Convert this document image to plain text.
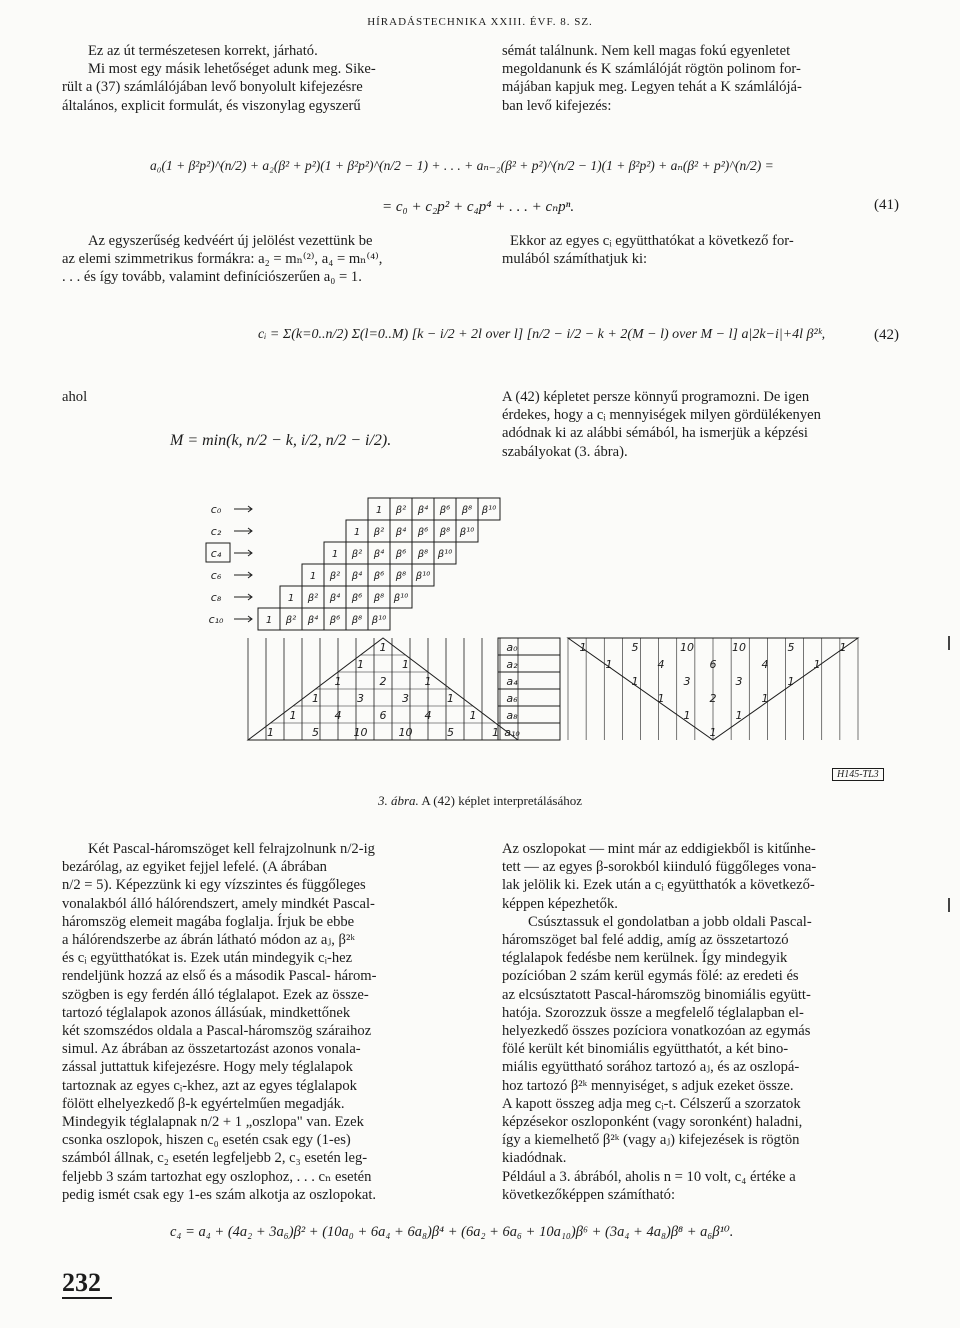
HÍRADÁSTECHNIKA XXIII. ÉVF. 8. SZ.

Ez az út természetesen korrekt, járható.

Mi most egy másik lehetőséget adunk meg. Sike-

rült a (37) számlálójában levő bonyolult kifejezésre

általános, explicit formulát, és viszonylag egyszerű

sémát találnunk. Nem kell magas fokú egyenletet

megoldanunk és K számlálóját rögtön polinom for-

májában kapjuk meg. Legyen tehát a K számlálójá-

ban levő kifejezés:

a₀(1 + β²p²)^(n/2) + a₂(β² + p²)(1 + β²p²)^(n/2 − 1) + . . . + aₙ₋₂(β² + p²)^(n/2 − 1)(1 + β²p²) + aₙ(β² + p²)^(n/2) =
= c₀ + c₂p² + c₄p⁴ + . . . + cₙpⁿ.	(41)

Az egyszerűség kedvéért új jelölést vezettünk be

az elemi szimmetrikus formákra: a₂ = mₙ⁽²⁾, a₄ = mₙ⁽⁴⁾,

. . . és így tovább, valamint definíciószerűen a₀ = 1.

Ekkor az egyes cᵢ együtthatókat a következő for-

mulából számíthatjuk ki:

cᵢ = Σ(k=0..n/2) Σ(l=0..M) [k − i/2 + 2l over l] [n/2 − i/2 − k + 2(M − l) over M − l] a|2k−i|+4l β²ᵏ,	(42)
ahol
M = min(k, n/2 − k, i/2, n/2 − i/2).

A (42) képletet persze könnyű programozni. De igen

érdekes, hogy a cᵢ mennyiségek milyen gördülékenyen

adódnak ki az alábbi sémából, ha ismerjük a képzési

szabályokat (3. ábra).

c₀	1 β² β⁴ β⁶ β⁸ β¹⁰
c₂	1 β² β⁴ β⁶ β⁸ β¹⁰
c₄	1 β² β⁴ β⁶ β⁸ β¹⁰
c₆	1 β² β⁴ β⁶ β⁸ β¹⁰
c₈	1 β² β⁴ β⁶ β⁸ β¹⁰
c₁₀	1 β² β⁴ β⁶ β⁸ β¹⁰
1
1	1
1	2	1
1	3	3	1
1	4	6	4	1
1	5	10	10	5	1
a₀
a₂
a₄
a₆
a₈
a₁₀
1	5	10	10	5	1
1	4	6	4	1
1	3	3	1
1	2	1
1	1
1
H145-TL3
3. ábra. A (42) képlet interpretálásához

Két Pascal-háromszöget kell felrajzolnunk n/2-ig

bezárólag, az egyiket fejjel lefelé. (A ábrában

n/2 = 5). Képezzünk ki egy vízszintes és függőleges

vonalakból álló hálórendszert, amely mindkét Pascal-

háromszög elemeit magába foglalja. Írjuk be ebbe

a hálórendszerbe az ábrán látható módon az aⱼ, β²ᵏ

és cᵢ együtthatókat is. Ezek után mindegyik cᵢ-hez

rendeljünk hozzá az első és a második Pascal- három-

szögben is egy ferdén álló téglalapot. Ezek az össze-

tartozó téglalapok azonos állásúak, mindkettőnek

két szomszédos oldala a Pascal-háromszög száraihoz

simul. Az ábrában az összetartozást azonos vonala-

zással juttattuk kifejezésre. Hogy mely téglalapok

tartoznak az egyes cᵢ-khez, azt az egyes téglalapok

fölött elhelyezkedő β-k egyértelműen megadják.

Mindegyik téglalapnak n/2 + 1 „oszlopa" van. Ezek

csonka oszlopok, hiszen c₀ esetén csak egy (1-es)

számból állnak, c₂ esetén legfeljebb 2, c₃ esetén leg-

feljebb 3 szám tartozhat egy oszlophoz, . . . cₙ esetén

pedig ismét csak egy 1-es szám alkotja az oszlopokat.

Az oszlopokat — mint már az eddigiekből is kitűnhe-

tett — az egyes β-sorokból kiinduló függőleges vona-

lak jelölik ki. Ezek után a cᵢ együtthatók a következő-

képpen képezhetők.

Csúsztassuk el gondolatban a jobb oldali Pascal-

háromszöget bal felé addig, amíg az összetartozó

téglalapok fedésbe nem kerülnek. Így mindegyik

pozícióban 2 szám kerül egymás fölé: az eredeti és

az elcsúsztatott Pascal-háromszög binomiális együtt-

hatója. Szorozzuk össze a megfelelő téglalapban el-

helyezkedő összes pozíciora vonatkozóan az egymás

fölé került két binomiális együtthatót, a két bino-

miális együttható sorához tartozó aⱼ, és az oszlopá-

hoz tartozó β²ᵏ mennyiséget, s adjuk ezeket össze.

A kapott összeg adja meg cᵢ-t. Célszerű a szorzatok

képzésekor oszloponként (vagy soronként) haladni,

így a kiemelhető β²ᵏ (vagy aⱼ) kifejezések is rögtön

kiadódnak.

Például a 3. ábrából, aholis n = 10 volt, c₄ értéke a

következőképpen számítható:

c₄ = a₄ + (4a₂ + 3a₆)β² + (10a₀ + 6a₄ + 6a₈)β⁴ + (6a₂ + 6a₆ + 10a₁₀)β⁶ + (3a₄ + 4a₈)β⁸ + a₆β¹⁰.
232
